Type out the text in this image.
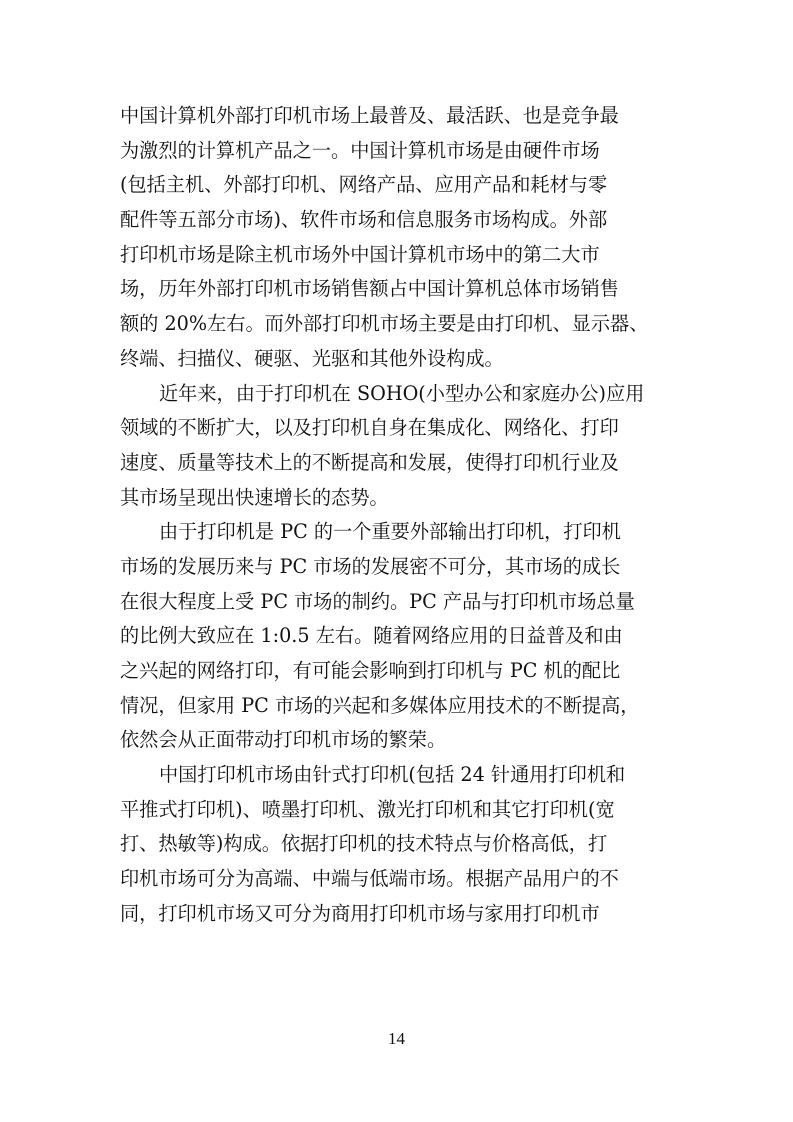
中国计算机外部打印机市场上最普及、最活跃、也是竞争最
为激烈的计算机产品之一。中国计算机市场是由硬件市场
(包括主机、外部打印机、网络产品、应用产品和耗材与零
配件等五部分市场)、软件市场和信息服务市场构成。外部
打印机市场是除主机市场外中国计算机市场中的第二大市
场，历年外部打印机市场销售额占中国计算机总体市场销售
额的 20%左右。而外部打印机市场主要是由打印机、显示器、
终端、扫描仪、硬驱、光驱和其他外设构成。
近年来，由于打印机在 SOHO(小型办公和家庭办公)应用
领域的不断扩大，以及打印机自身在集成化、网络化、打印
速度、质量等技术上的不断提高和发展，使得打印机行业及
其市场呈现出快速增长的态势。
由于打印机是 PC 的一个重要外部输出打印机，打印机
市场的发展历来与 PC 市场的发展密不可分，其市场的成长
在很大程度上受 PC 市场的制约。PC 产品与打印机市场总量
的比例大致应在 1:0.5 左右。随着网络应用的日益普及和由
之兴起的网络打印，有可能会影响到打印机与 PC 机的配比
情况，但家用 PC 市场的兴起和多媒体应用技术的不断提高，
依然会从正面带动打印机市场的繁荣。
中国打印机市场由针式打印机(包括 24 针通用打印机和
平推式打印机)、喷墨打印机、激光打印机和其它打印机(宽
打、热敏等)构成。依据打印机的技术特点与价格高低，打
印机市场可分为高端、中端与低端市场。根据产品用户的不
同，打印机市场又可分为商用打印机市场与家用打印机市
14
